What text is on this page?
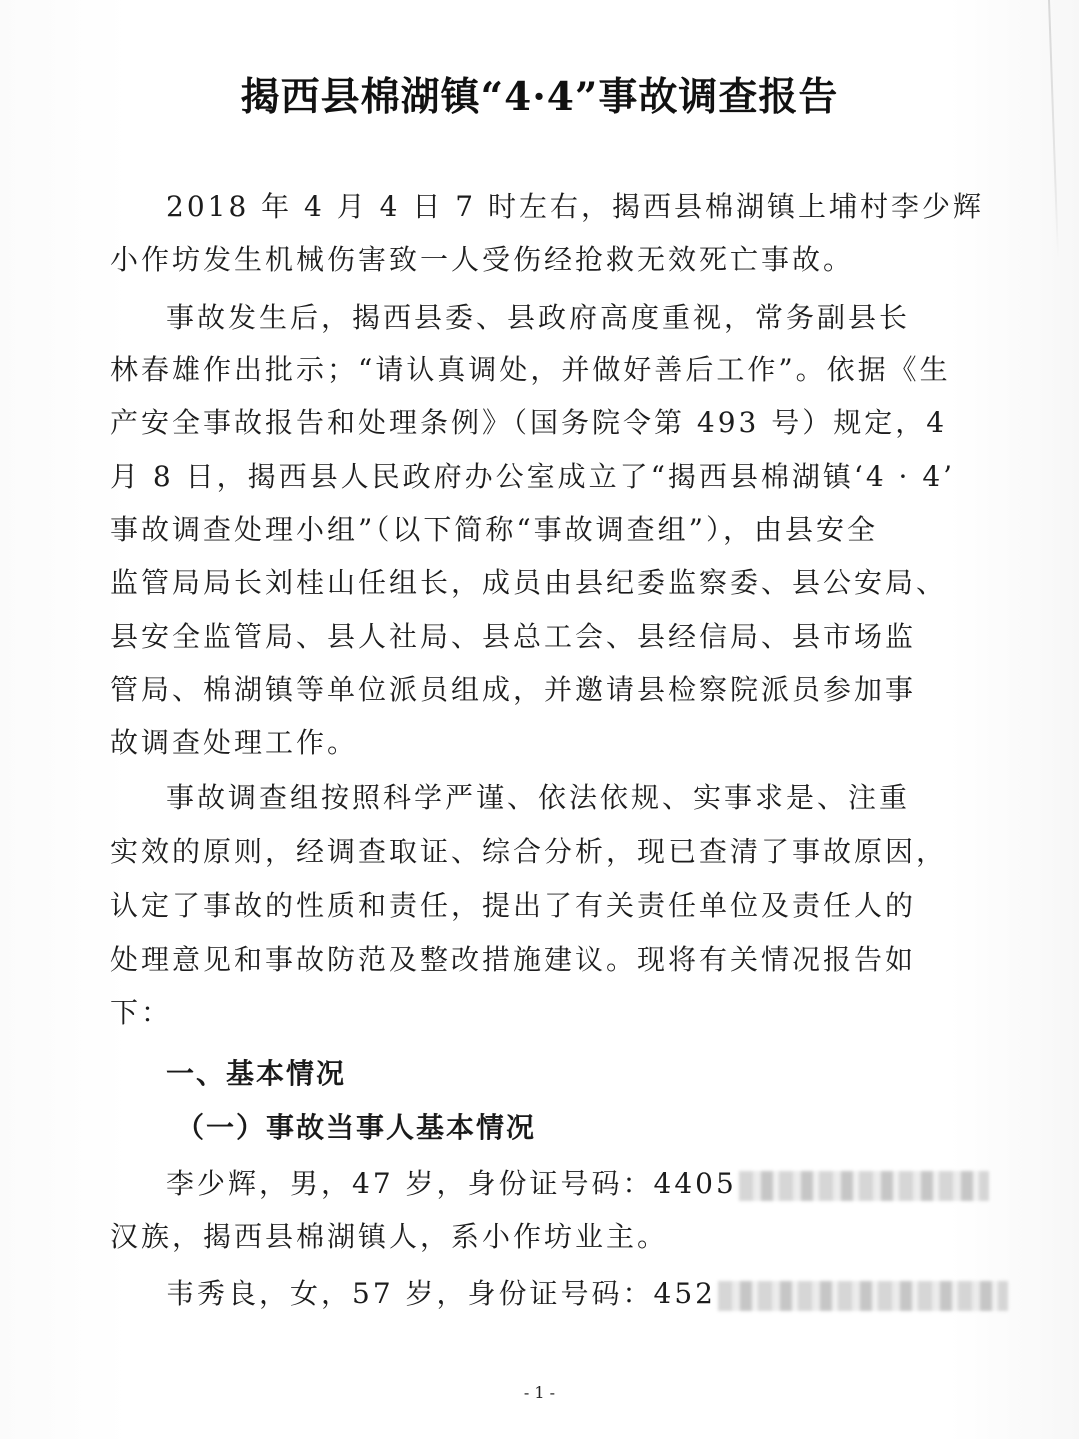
揭西县棉湖镇“4·4”事故调查报告
2018 年 4 月 4 日 7 时左右，揭西县棉湖镇上埔村李少辉
小作坊发生机械伤害致一人受伤经抢救无效死亡事故。
事故发生后，揭西县委、县政府高度重视，常务副县长
林春雄作出批示；“请认真调处，并做好善后工作”。依据《生
产安全事故报告和处理条例》（国务院令第 493 号）规定，4
月 8 日，揭西县人民政府办公室成立了“揭西县棉湖镇‘4 · 4’
事故调查处理小组”（以下简称“事故调查组”），由县安全
监管局局长刘桂山任组长，成员由县纪委监察委、县公安局、
县安全监管局、县人社局、县总工会、县经信局、县市场监
管局、棉湖镇等单位派员组成，并邀请县检察院派员参加事
故调查处理工作。
事故调查组按照科学严谨、依法依规、实事求是、注重
实效的原则，经调查取证、综合分析，现已查清了事故原因，
认定了事故的性质和责任，提出了有关责任单位及责任人的
处理意见和事故防范及整改措施建议。现将有关情况报告如
下：
一、基本情况
（一）事故当事人基本情况
李少辉，男，47 岁，身份证号码：4405
汉族，揭西县棉湖镇人，系小作坊业主。
韦秀良，女，57 岁，身份证号码：452
- 1 -
